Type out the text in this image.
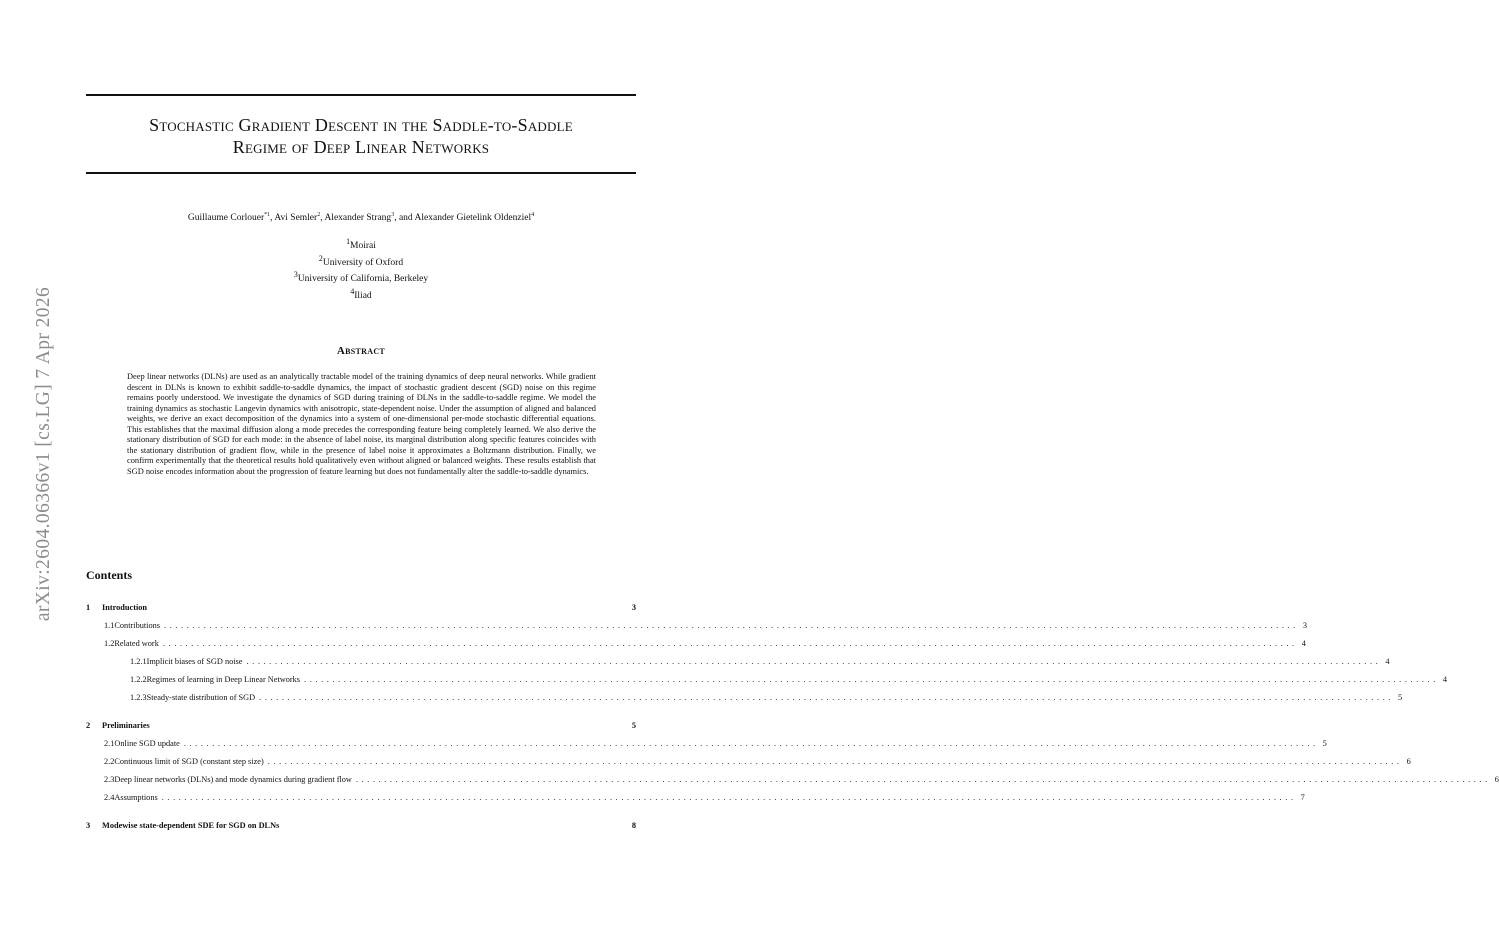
arXiv:2604.06366v1 [cs.LG] 7 Apr 2026
Stochastic Gradient Descent in the Saddle-to-Saddle
Regime of Deep Linear Networks
Guillaume Corlouer$^{*1}$, Avi Semler$^2$, Alexander Strang$^3$, and Alexander Gietelink Oldenziel$^4$
$^1$Moirai
$^2$University of Oxford
$^3$University of California, Berkeley
$^4$Iliad
Abstract
Deep linear networks (DLNs) are used as an analytically tractable model of the training dynamics of deep neural networks. While gradient descent in DLNs is known to exhibit saddle-to-saddle dynamics, the impact of stochastic gradient descent (SGD) noise on this regime remains poorly understood. We investigate the dynamics of SGD during training of DLNs in the saddle-to-saddle regime. We model the training dynamics as stochastic Langevin dynamics with anisotropic, state-dependent noise. Under the assumption of aligned and balanced weights, we derive an exact decomposition of the dynamics into a system of one-dimensional per-mode stochastic differential equations. This establishes that the maximal diffusion along a mode precedes the corresponding feature being completely learned. We also derive the stationary distribution of SGD for each mode: in the absence of label noise, its marginal distribution along specific features coincides with the stationary distribution of gradient flow, while in the presence of label noise it approximates a Boltzmann distribution. Finally, we confirm experimentally that the theoretical results hold qualitatively even without aligned or balanced weights. These results establish that SGD noise encodes information about the progression of feature learning but does not fundamentally alter the saddle-to-saddle dynamics.
Contents
1	Introduction	3
1.1 Contributions ........................................................................................................................................................................................................ 3
1.2 Related work ........................................................................................................................................................................................................ 4
1.2.1 Implicit biases of SGD noise ........................................................................................................................................................................................................ 4
1.2.2 Regimes of learning in Deep Linear Networks ........................................................................................................................................................................................................ 4
1.2.3 Steady-state distribution of SGD ........................................................................................................................................................................................................ 5
2	Preliminaries	5
2.1 Online SGD update ........................................................................................................................................................................................................ 5
2.2 Continuous limit of SGD (constant step size) ........................................................................................................................................................................................................ 6
2.3 Deep linear networks (DLNs) and mode dynamics during gradient flow ........................................................................................................................................................................................................ 6
2.4 Assumptions ........................................................................................................................................................................................................ 7
3	Modewise state-dependent SDE for SGD on DLNs	8
